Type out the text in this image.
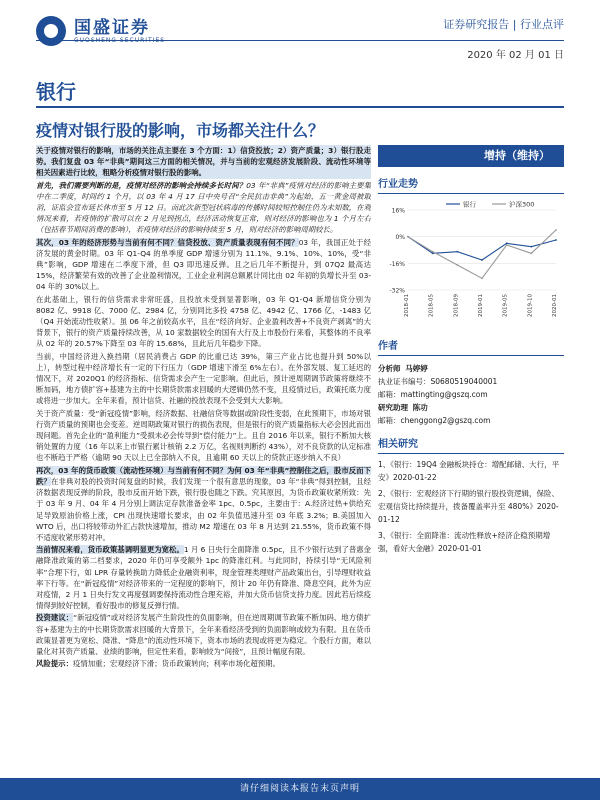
国盛证券	证券研究报告 | 行业点评
2020 年 02 月 01 日
银行
疫情对银行股的影响，市场都关注什么？
关于疫情对银行的影响，市场的关注点主要在 3 个方面：1）信贷投放；2）资产质量；3）银行股走势。我们复盘 03 年“非典”期间这三方面的相关情况，并与当前的宏观经济发展阶段、流动性环境等相关因素进行比较，粗略分析疫情对银行股的影响。
首先，我们需要判断的是，疫情对经济的影响会持续多长时间？03 年“非典”疫情对经济的影响主要集中在二季度，时间约 1 个月，以 03 年 4 月 17 日中央号召“全民抗击非典”为起始，五一黄金周被取消，证监会宣布延长休市至 5 月 12 日。而此次新型冠状病毒的传播时间较短控制住仍为未知数，在观情况来看，若疫情的扩散可以在 2 月见到拐点，经济活动恢复正常，则对经济的影响也为 1 个月左右（包括春节期间消费的影响），若疫情对经济的影响持续至 5 月，则对经济的影响周期较长。
其次，03 年的经济形势与当前有何不同？信贷投放、资产质量表现有何不同？03 年，我国正处于经济发展的黄金时期。03 年 Q1-Q4 的单季度 GDP 增速分别为 11.1%、9.1%、10%、10%，受“非典”影响，GDP 增速在二季度下滑，但 Q3 即迅速反弹。且之后几年不断提升，到 07Q2 最高达 15%，经济繁荣有效的改善了企业盈利情况，工业企业利润总额累计同比由 02 年初的负增长升至 03-04 年的 30%以上。
在此基础上，银行的信贷需求非常旺盛，且投放未受到显著影响，03 年 Q1-Q4 新增信贷分别为 8082 亿、9918 亿、7000 亿、2984 亿，分别同比多投 4758 亿、4942 亿、1766 亿、-1483 亿（Q4 开始流动性收紧）。虽 06 年之前较高水平，且在“经济向好、企业盈利改善+不良资产剥离”的大背景下，银行的资产质量持续改善，从 10 家数据较全的国有大行及上市股份行来看，其整体的不良率从 02 年的 20.57%下降至 03 年的 15.68%，且此后几年稳步下降。
当前，中国经济进入换挡期（居民消费占 GDP 的比重已达 39%，第三产业占比也提升到 50%以上），转型过程中经济增长有一定的下行压力（GDP 增速下滑至 6%左右）。在外部发展、复工延迟的情况下，对 2020Q1 的经济指标、信贷需求会产生一定影响。但此后，预计逆周期调节政策将继续不断加码，地方债扩容+基建为主的中长期贷款需求回暖的大逻辑仍然不变，且疫情过后，政策托底力度或将进一步加大。全年来看，预计信贷、社融的投放表现不会受到大大影响。
关于资产质量：受“新冠疫情”影响，经济数据、社融信贷等数据或阶段性变弱，在此预期下，市场对银行资产质量的预期也会变差。逆周期政策对银行的损伤表现，但是银行的资产质量指标大必会因此而出现问题。首先企业的“盈利能力”受损未必会传导到“偿付能力”上。且自 2016 年以来，银行不断加大核销处置的力度（16 年以来上市银行累计核销 2.2 万亿，名视则判断约 43%），对不良贷款的认定标准也不断趋于严格（逾期 90 天以上已全部纳入不良，且逾期 60 天以上的贷款正逐步纳入不良）
再次，03 年的货币政策（流动性环境）与当前有何不同？为何 03 年“非典”控制住之后，股市反而下跌？在非典对股的投资时间复盘的时候，我们发现一个很有意思的现象，03 年“非典”得到控制，且经济数据表现反弹的阶段，股市反而开始下跌，银行股也随之下跌。究其原因，为货币政策收紧所致：先于 03 年 9 月、04 年 4 月分别上调法定存款准备金率 1pc、0.5pc，主要由于：A.经济过热+供给充足导致原油价格上涨，CPI 出现快速增长要求，由 02 年负值迅速升至 03 年底 3.2%；B.美国加入 WTO 后，出口将较带动外汇占款快速增加，推动 M2 增速在 03 年 8 月达到 21.55%，货币政策不得不适度收紧形势对冲。
当前情况来看，货币政策基调明显更为宽松。1 月 6 日央行全面降准 0.5pc，且不少银行达到了普惠金融降准政策的第二档要求，2020 年仍可享受额外 1pc 的降准红利。与此同时，持续引导“无风险利率”合理下行，如 LPR 存量转换助力降低企业融资利率，现金管理类理财产品政策出台，引导理财收益率下行等。在“新冠疫情”对经济带来的一定程度的影响下，预计 20 年仍有降准、降息空间，此外为应对疫情，2 月 1 日央行发文再度强调要保持流动性合理充裕，并加大货币信贷支持力度。因此若后续疫情得到较好控制，看好股市的修复反弹行情。
投资建议：“新冠疫情”或对经济发展产生阶段性的负面影响，但在逆周期调节政策不断加码、地方债扩容+基建为主的中长期贷款需求回暖的大背景下，全年来看经济受到的负面影响或较为有限。且在货币政策显著更为宽松、降准、“降息”的流动性环境下，资本市场的表现或将更为稳定。个股行方面，难以量化对其资产质量、业绩的影响，但定性来看，影响较为“间接”，且预计幅度有限。
风险提示：疫情加重；宏观经济下滑；货币政策转向；利率市场化超预期。
增持（维持）
行业走势
16%
0%
-16%
-32%
2018-01	2018-05	2018-09	2019-01	2019-05	2019-10	2020-01
银行	沪深300
作者
分析师 马婷婷
执业证书编号：S0680519040001
邮箱：mattingting@gszq.com
研究助理 陈功
邮箱：chenggong2@gszq.com
相关研究
1、《银行：19Q4 金融板块持仓：增配邮储、大行，平安》2020-01-22
2、《银行：宏观经济下行期的银行股投资逻辑，保险、宏观信贷比持续提升，拨备覆盖率升至 480%》2020-01-12
3、《银行：全面降准：流动性释放+经济企稳预期增强，看好大金融》2020-01-01
请仔细阅读本报告末页声明
